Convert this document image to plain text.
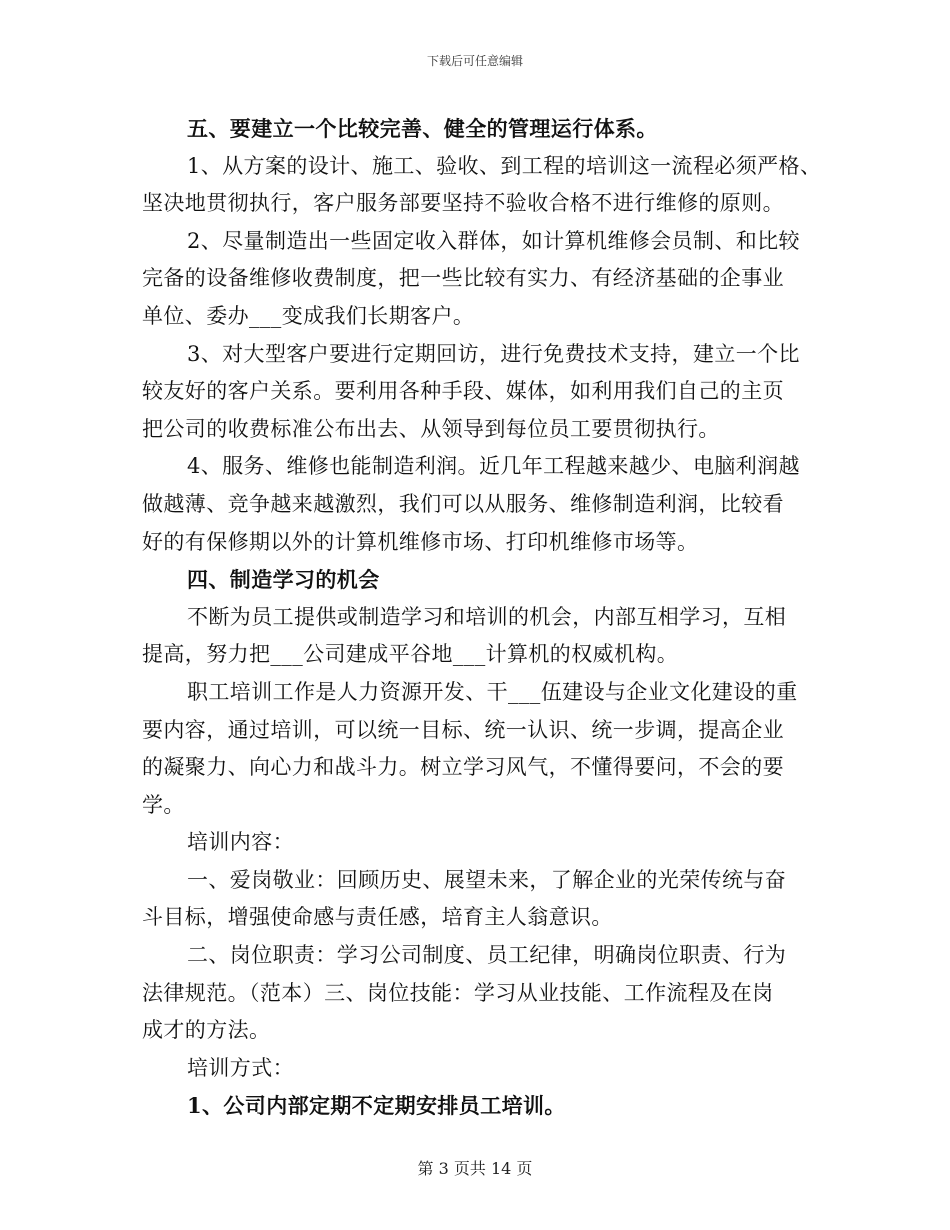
下载后可任意编辑
五、要建立一个比较完善、健全的管理运行体系。
1、从方案的设计、施工、验收、到工程的培训这一流程必须严格、
坚决地贯彻执行，客户服务部要坚持不验收合格不进行维修的原则。
2、尽量制造出一些固定收入群体，如计算机维修会员制、和比较
完备的设备维修收费制度，把一些比较有实力、有经济基础的企事业
单位、委办___变成我们长期客户。
3、对大型客户要进行定期回访，进行免费技术支持，建立一个比
较友好的客户关系。要利用各种手段、媒体，如利用我们自己的主页
把公司的收费标准公布出去、从领导到每位员工要贯彻执行。
4、服务、维修也能制造利润。近几年工程越来越少、电脑利润越
做越薄、竞争越来越激烈，我们可以从服务、维修制造利润，比较看
好的有保修期以外的计算机维修市场、打印机维修市场等。
四、制造学习的机会
不断为员工提供或制造学习和培训的机会，内部互相学习，互相
提高，努力把___公司建成平谷地___计算机的权威机构。
职工培训工作是人力资源开发、干___伍建设与企业文化建设的重
要内容，通过培训，可以统一目标、统一认识、统一步调，提高企业
的凝聚力、向心力和战斗力。树立学习风气，不懂得要问，不会的要
学。
培训内容：
一、爱岗敬业：回顾历史、展望未来，了解企业的光荣传统与奋
斗目标，增强使命感与责任感，培育主人翁意识。
二、岗位职责：学习公司制度、员工纪律，明确岗位职责、行为
法律规范。（范本）三、岗位技能：学习从业技能、工作流程及在岗
成才的方法。
培训方式：
1、公司内部定期不定期安排员工培训。
第 3 页共 14 页
